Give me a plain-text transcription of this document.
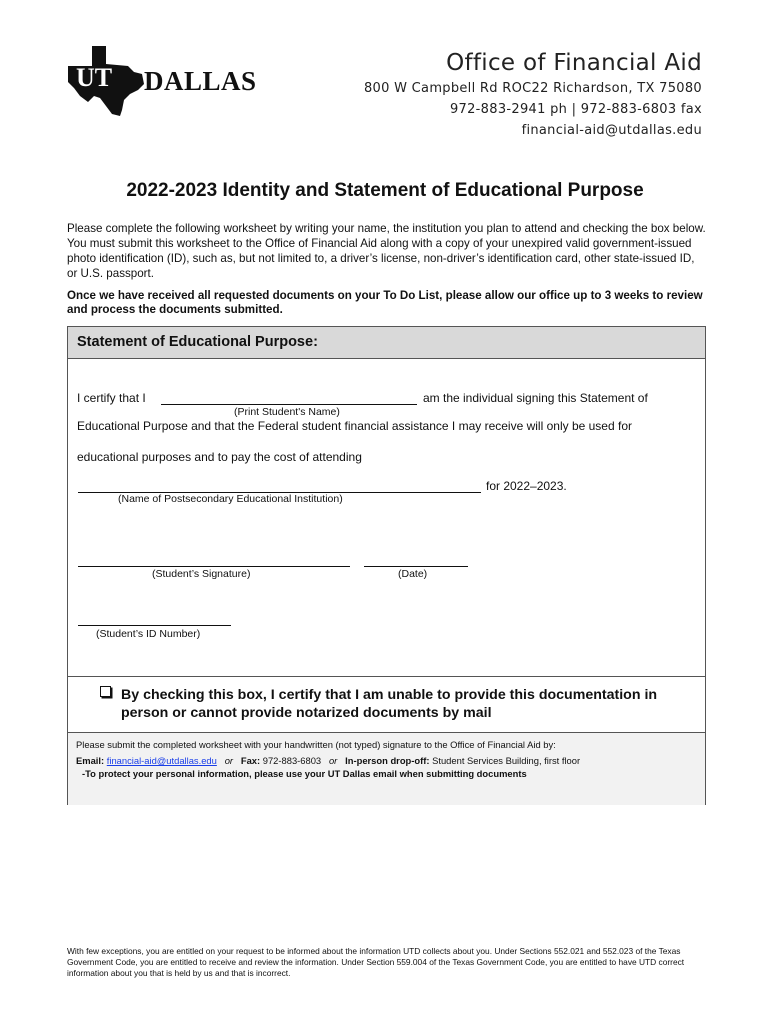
UT DALLAS
Office of Financial Aid
800 W Campbell Rd ROC22 Richardson, TX 75080
972-883-2941 ph | 972-883-6803 fax
financial-aid@utdallas.edu
2022-2023 Identity and Statement of Educational Purpose
Please complete the following worksheet by writing your name, the institution you plan to attend and checking the box below. You must submit this worksheet to the Office of Financial Aid along with a copy of your unexpired valid government-issued photo identification (ID), such as, but not limited to, a driver’s license, non-driver’s identification card, other state-issued ID, or U.S. passport.
Once we have received all requested documents on your To Do List, please allow our office up to 3 weeks to review and process the documents submitted.
Statement of Educational Purpose:
I certify that I	am the individual signing this Statement of
(Print Student's Name)
Educational Purpose and that the Federal student financial assistance I may receive will only be used for
educational purposes and to pay the cost of attending
for 2022–2023.
(Name of Postsecondary Educational Institution)
(Student’s Signature)	(Date)
(Student’s ID Number)
Please submit the completed worksheet with your handwritten (not typed) signature to the Office of Financial Aid by:
Email: financial-aid@utdallas.edu or Fax: 972-883-6803 or In-person drop-off: Student Services Building, first floor
-To protect your personal information, please use your UT Dallas email when submitting documents
By checking this box, I certify that I am unable to provide this documentation in person or cannot provide notarized documents by mail
With few exceptions, you are entitled on your request to be informed about the information UTD collects about you. Under Sections 552.021 and 552.023 of the Texas Government Code, you are entitled to receive and review the information. Under Section 559.004 of the Texas Government Code, you are entitled to have UTD correct information about you that is held by us and that is incorrect.
